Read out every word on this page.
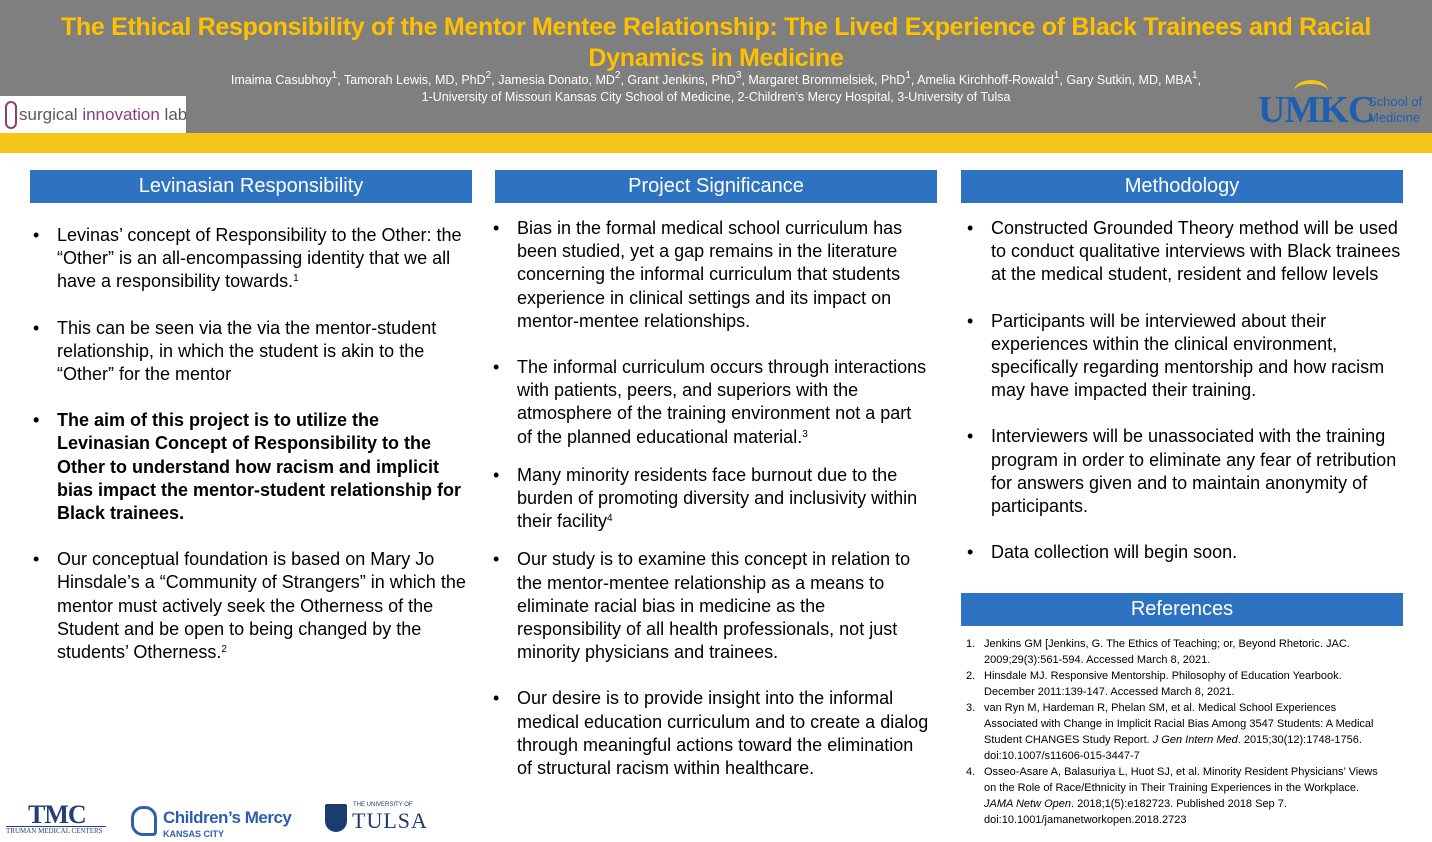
The Ethical Responsibility of the Mentor Mentee Relationship: The Lived Experience of Black Trainees and Racial Dynamics in Medicine
Imaima Casubhoy$^1$, Tamorah Lewis, MD, PhD$^2$, Jamesia Donato, $MD^2$, Grant Jenkins, PhD$^3$, Margaret Brommelsiek, PhD$^1$, Amelia Kirchhoff-Rowald$^1$, Gary Sutkin, MD, MBA$^1$,
1-University of Missouri Kansas City School of Medicine, 2-Children’s Mercy Hospital, 3-University of Tulsa
surgical innovation lab	UMKC
School of
Medicine
Levinasian Responsibility
• Levinas’ concept of Responsibility to the Other: the “Other” is an all-encompassing identity that we all have a responsibility towards.$^1$
• This can be seen via the via the mentor-student relationship, in which the student is akin to the “Other” for the mentor
• The aim of this project is to utilize the Levinasian Concept of Responsibility to the Other to understand how racism and implicit bias impact the mentor-student relationship for Black trainees.
• Our conceptual foundation is based on Mary Jo Hinsdale’s a “Community of Strangers” in which the mentor must actively seek the Otherness of the Student and be open to being changed by the students’ Otherness.$^2$
Project Significance
• Bias in the formal medical school curriculum has been studied, yet a gap remains in the literature concerning the informal curriculum that students experience in clinical settings and its impact on mentor-mentee relationships.
• The informal curriculum occurs through interactions with patients, peers, and superiors with the atmosphere of the training environment not a part of the planned educational material.$^3$
• Many minority residents face burnout due to the burden of promoting diversity and inclusivity within their facility$^4$
• Our study is to examine this concept in relation to the mentor-mentee relationship as a means to eliminate racial bias in medicine as the responsibility of all health professionals, not just minority physicians and trainees.
• Our desire is to provide insight into the informal medical education curriculum and to create a dialog through meaningful actions toward the elimination of structural racism within healthcare.
Methodology
• Constructed Grounded Theory method will be used to conduct qualitative interviews with Black trainees at the medical student, resident and fellow levels
• Participants will be interviewed about their experiences within the clinical environment, specifically regarding mentorship and how racism may have impacted their training.
• Interviewers will be unassociated with the training program in order to eliminate any fear of retribution for answers given and to maintain anonymity of participants.
• Data collection will begin soon.
References
1. Jenkins GM [Jenkins, G. The Ethics of Teaching; or, Beyond Rhetoric. JAC. 2009;29(3):561-594. Accessed March 8, 2021.
2. Hinsdale MJ. Responsive Mentorship. Philosophy of Education Yearbook. December 2011:139-147. Accessed March 8, 2021.
3. van Ryn M, Hardeman R, Phelan SM, et al. Medical School Experiences Associated with Change in Implicit Racial Bias Among 3547 Students: A Medical Student CHANGES Study Report. J Gen Intern Med. 2015;30(12):1748-1756. doi:10.1007/s11606-015-3447-7
4. Osseo-Asare A, Balasuriya L, Huot SJ, et al. Minority Resident Physicians’ Views on the Role of Race/Ethnicity in Their Training Experiences in the Workplace. JAMA Netw Open. 2018;1(5):e182723. Published 2018 Sep 7. doi:10.1001/jamanetworkopen.2018.2723
TMC
TRUMAN MEDICAL CENTERS
Children’s Mercy
KANSAS CITY
THE UNIVERSITY OF
TULSA
